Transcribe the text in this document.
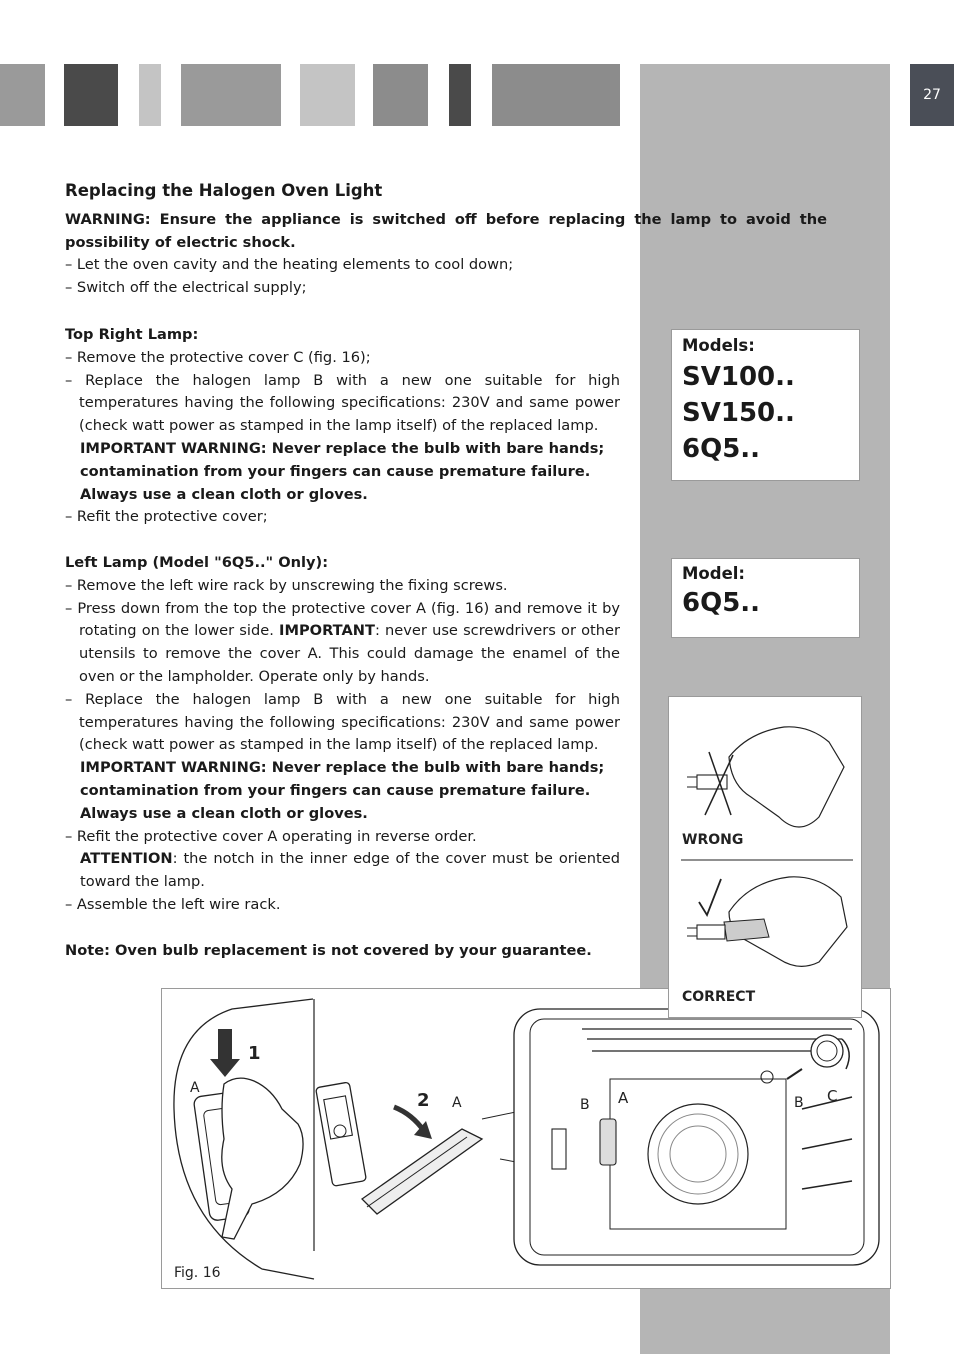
27

Replacing the Halogen Oven Light

WARNING: Ensure the appliance is switched off before replacing the lamp to avoid the possibility of electric shock.

– Let the oven cavity and the heating elements to cool down;

– Switch off the electrical supply;

Top Right Lamp:

– Remove the protective cover C (fig. 16);

– Replace the halogen lamp B with a new one suitable for high temperatures having the following specifications: 230V and same power (check watt power as stamped in the lamp itself) of the replaced lamp.

IMPORTANT WARNING: Never replace the bulb with bare hands; contamination from your fingers can cause premature failure. Always use a clean cloth or gloves.

– Refit the protective cover;

Left Lamp (Model "6Q5.." Only):

– Remove the left wire rack by unscrewing the fixing screws.

– Press down from the top the protective cover A (fig. 16) and remove it by rotating on the lower side. IMPORTANT: never use screwdrivers or other utensils to remove the cover A. This could damage the enamel of the oven or the lampholder. Operate only by hands.

– Replace the halogen lamp B with a new one suitable for high temperatures having the following specifications: 230V and same power (check watt power as stamped in the lamp itself) of the replaced lamp.

IMPORTANT WARNING: Never replace the bulb with bare hands; contamination from your fingers can cause premature failure. Always use a clean cloth or gloves.

– Refit the protective cover A operating in reverse order.

ATTENTION: the notch in the inner edge of the cover must be oriented toward the lamp.

– Assemble the left wire rack.

Note: Oven bulb replacement is not covered by your guarantee.

Models:
SV100..
SV150..
6Q5..
Model:
6Q5..
1
A
2 A	B A	B C
Fig. 16
WRONG
CORRECT
